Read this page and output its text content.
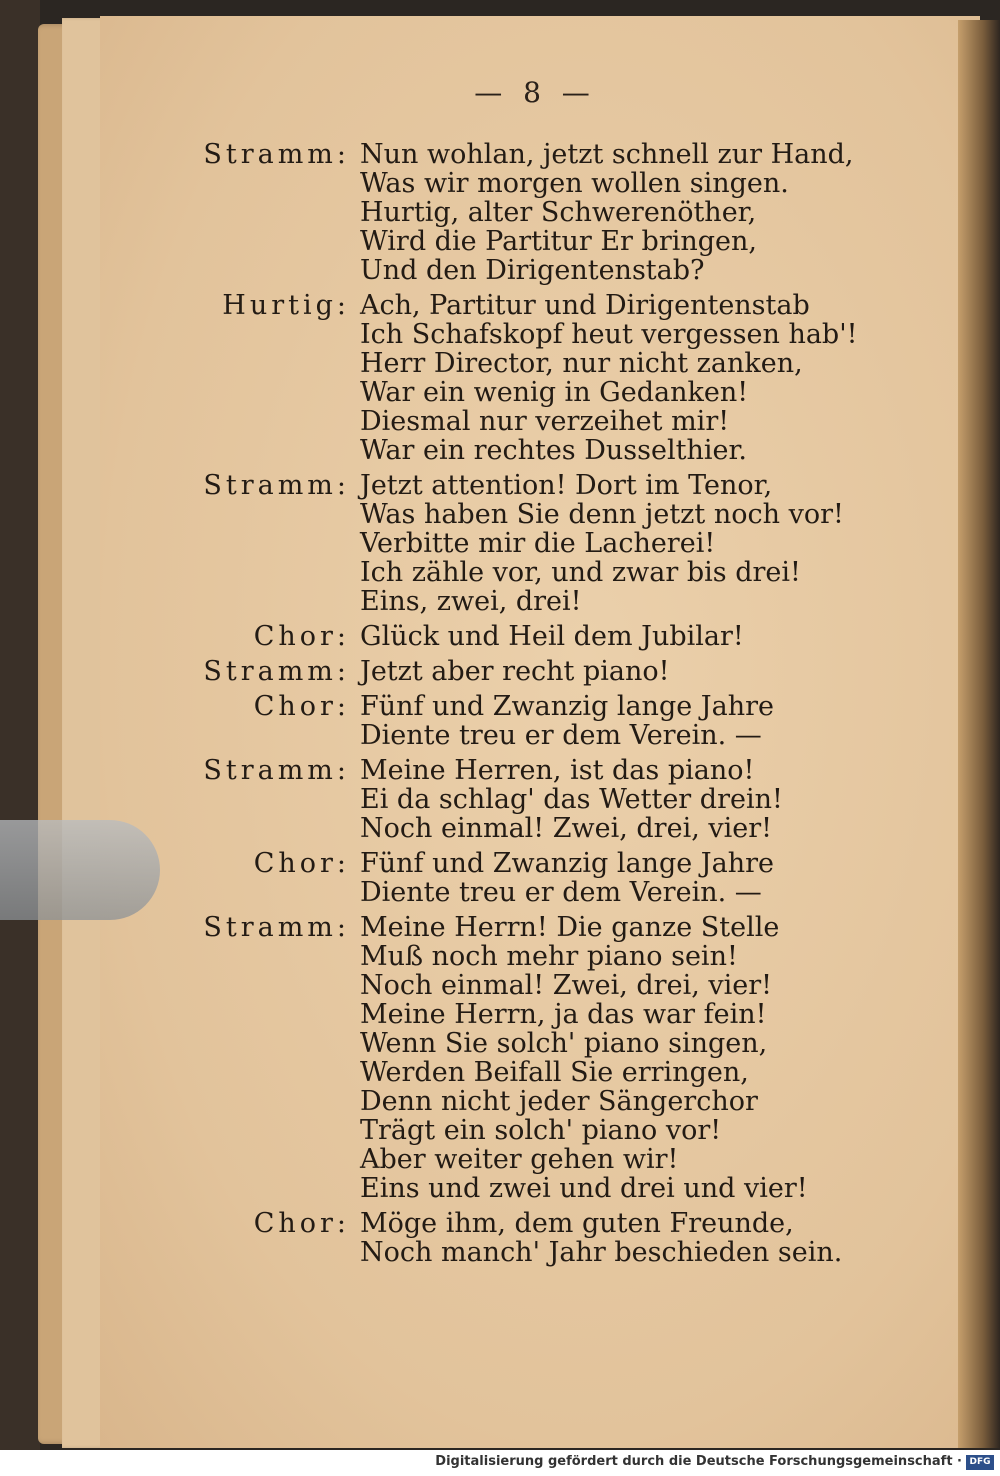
— 8 —
Stramm: Nun wohlan, jetzt schnell zur Hand,
Was wir morgen wollen singen.
Hurtig, alter Schwerenöther,
Wird die Partitur Er bringen,
Und den Dirigentenstab?
Hurtig: Ach, Partitur und Dirigentenstab
Ich Schafskopf heut vergessen hab'!
Herr Director, nur nicht zanken,
War ein wenig in Gedanken!
Diesmal nur verzeihet mir!
War ein rechtes Dusselthier.
Stramm: Jetzt attention! Dort im Tenor,
Was haben Sie denn jetzt noch vor!
Verbitte mir die Lacherei!
Ich zähle vor, und zwar bis drei!
Eins, zwei, drei!
Chor: Glück und Heil dem Jubilar!
Stramm: Jetzt aber recht piano!
Chor: Fünf und Zwanzig lange Jahre
Diente treu er dem Verein. —
Stramm: Meine Herren, ist das piano!
Ei da schlag' das Wetter drein!
Noch einmal! Zwei, drei, vier!
Chor: Fünf und Zwanzig lange Jahre
Diente treu er dem Verein. —
Stramm: Meine Herrn! Die ganze Stelle
Muß noch mehr piano sein!
Noch einmal! Zwei, drei, vier!
Meine Herrn, ja das war fein!
Wenn Sie solch' piano singen,
Werden Beifall Sie erringen,
Denn nicht jeder Sängerchor
Trägt ein solch' piano vor!
Aber weiter gehen wir!
Eins und zwei und drei und vier!
Chor: Möge ihm, dem guten Freunde,
Noch manch' Jahr beschieden sein.
Digitalisierung gefördert durch die Deutsche Forschungsgemeinschaft · DFG
